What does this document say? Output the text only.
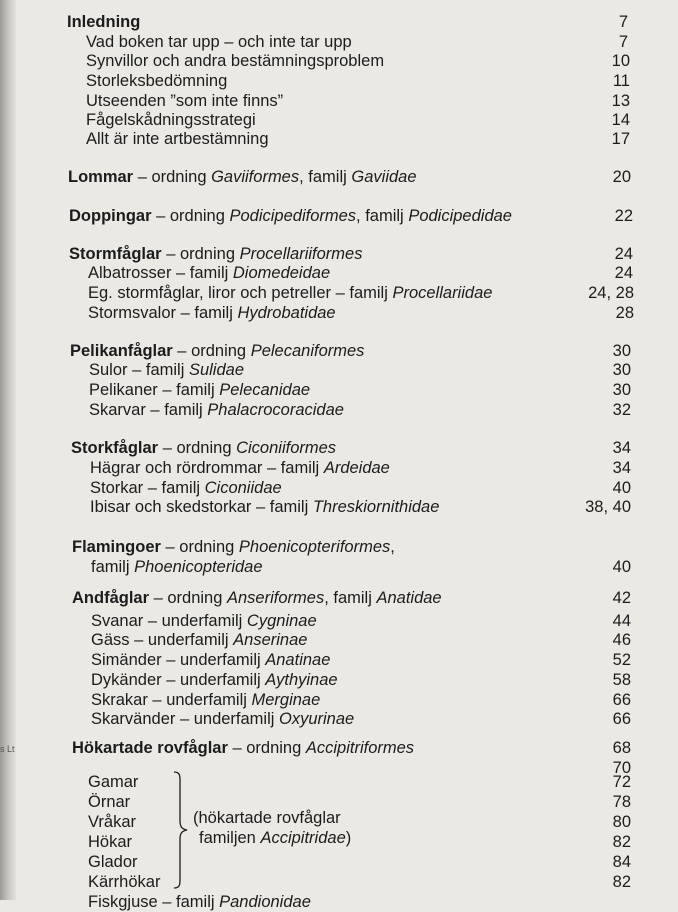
s Lt
Inledning	7
Vad boken tar upp – och inte tar upp	7
Synvillor och andra bestämningsproblem	10
Storleksbedömning	11
Utseenden ”som inte finns”	13
Fågelskådningsstrategi	14
Allt är inte artbestämning	17
Lommar – ordning Gaviiformes, familj Gaviidae	20
Doppingar – ordning Podicipediformes, familj Podicipedidae	22
Stormfåglar – ordning Procellariiformes	24
Albatrosser – familj Diomedeidae	24
Eg. stormfåglar, liror och petreller – familj Procellariidae	24, 28
Stormsvalor – familj Hydrobatidae	28
Pelikanfåglar – ordning Pelecaniformes	30
Sulor – familj Sulidae	30
Pelikaner – familj Pelecanidae	30
Skarvar – familj Phalacrocoracidae	32
Storkfåglar – ordning Ciconiiformes	34
Hägrar och rördrommar – familj Ardeidae	34
Storkar – familj Ciconiidae	40
Ibisar och skedstorkar – familj Threskiornithidae	38, 40
Flamingoer – ordning Phoenicopteriformes,
familj Phoenicopteridae	40
Andfåglar – ordning Anseriformes, familj Anatidae	42
Svanar – underfamilj Cygninae	44
Gäss – underfamilj Anserinae	46
Simänder – underfamilj Anatinae	52
Dykänder – underfamilj Aythyinae	58
Skrakar – underfamilj Merginae	66
Skarvänder – underfamilj Oxyurinae	66
Hökartade rovfåglar – ordning Accipitriformes	68
70
Gamar	72
Örnar	78
Vråkar	80
Hökar	82
Glador	84
Kärrhökar	82
Fiskgjuse – familj Pandionidae
(hökartade rovfåglar
familjen Accipitridae)
